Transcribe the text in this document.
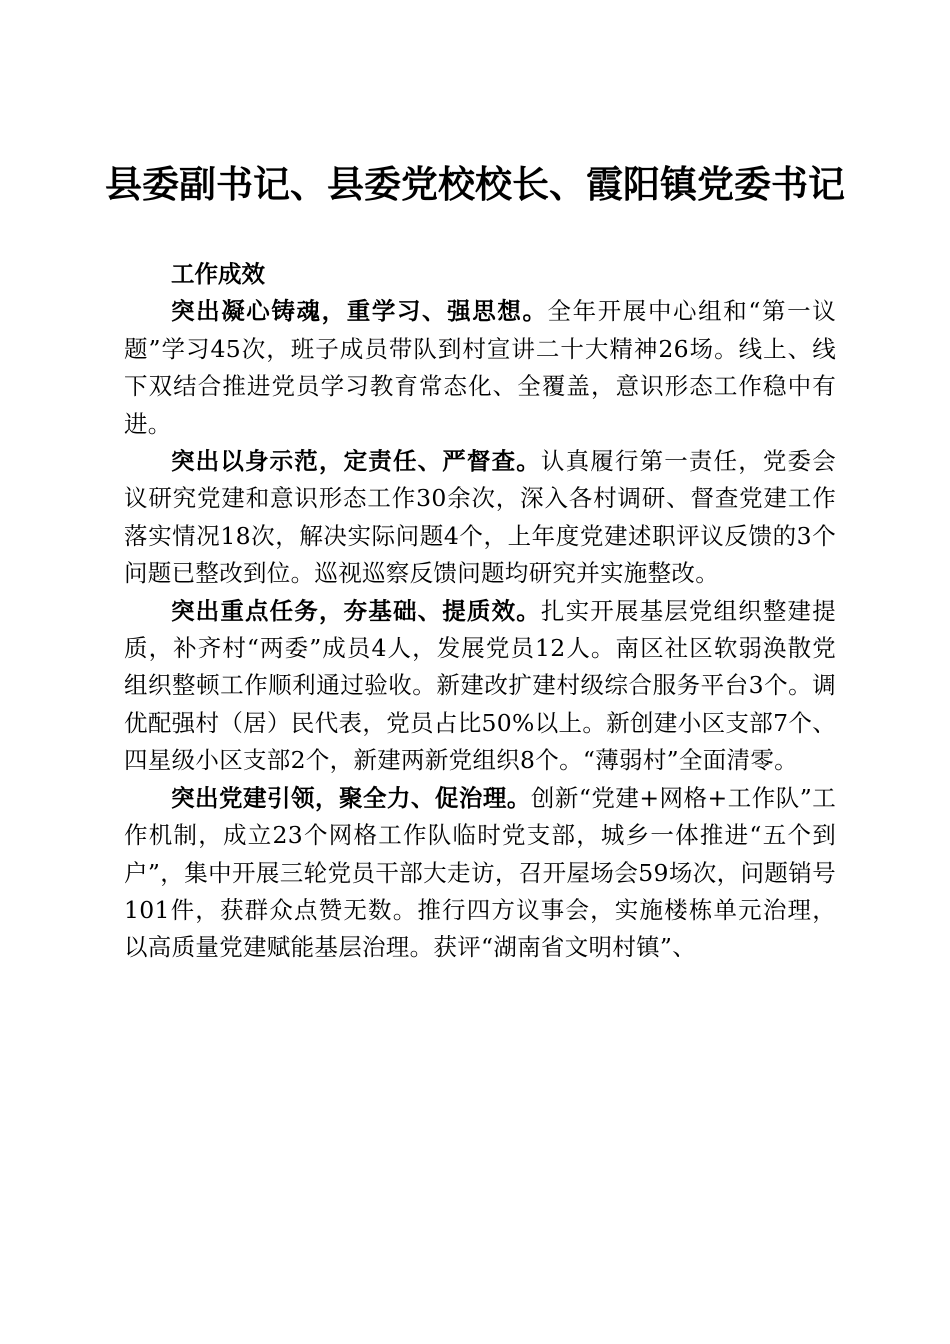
县委副书记、县委党校校长、霞阳镇党委书记

工作成效

突出凝心铸魂，重学习、强思想。全年开展中心组和“第一议题”学习45次，班子成员带队到村宣讲二十大精神26场。线上、线下双结合推进党员学习教育常态化、全覆盖，意识形态工作稳中有进。

突出以身示范，定责任、严督查。认真履行第一责任，党委会议研究党建和意识形态工作30余次，深入各村调研、督查党建工作落实情况18次，解决实际问题4个，上年度党建述职评议反馈的3个问题已整改到位。巡视巡察反馈问题均研究并实施整改。

突出重点任务，夯基础、提质效。扎实开展基层党组织整建提质，补齐村“两委”成员4人，发展党员12人。南区社区软弱涣散党组织整顿工作顺利通过验收。新建改扩建村级综合服务平台3个。调优配强村（居）民代表，党员占比50%以上。新创建小区支部7个、四星级小区支部2个，新建两新党组织8个。“薄弱村”全面清零。

突出党建引领，聚全力、促治理。创新“党建+网格+工作队”工作机制，成立23个网格工作队临时党支部，城乡一体推进“五个到户”，集中开展三轮党员干部大走访，召开屋场会59场次，问题销号101件，获群众点赞无数。推行四方议事会，实施楼栋单元治理，以高质量党建赋能基层治理。获评“湖南省文明村镇”、
